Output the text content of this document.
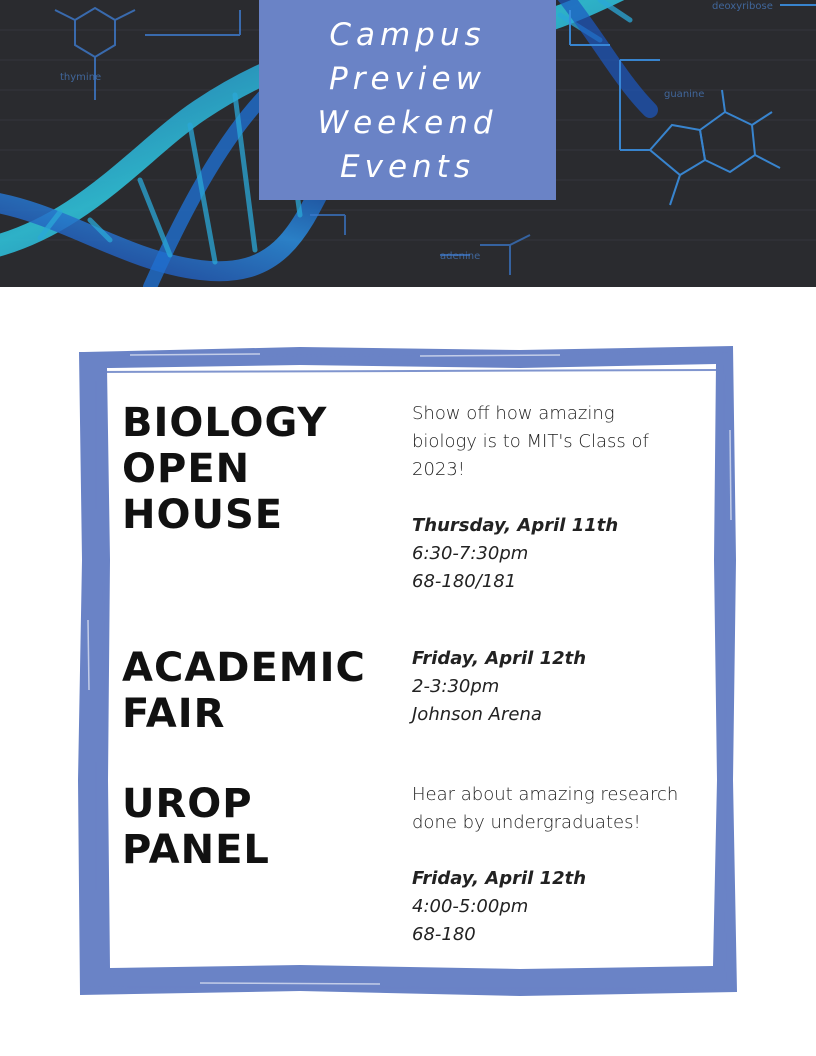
deoxyribose
guanine
adenine
thymine
Campus
Preview
Weekend
Events
BIOLOGY
OPEN
HOUSE
Show off how amazing
biology is to MIT's Class of
2023!
Thursday, April 11th
6:30-7:30pm
68-180/181
ACADEMIC
FAIR
Friday, April 12th
2-3:30pm
Johnson Arena
UROP
PANEL
Hear about amazing research
done by undergraduates!
Friday, April 12th
4:00-5:00pm
68-180
